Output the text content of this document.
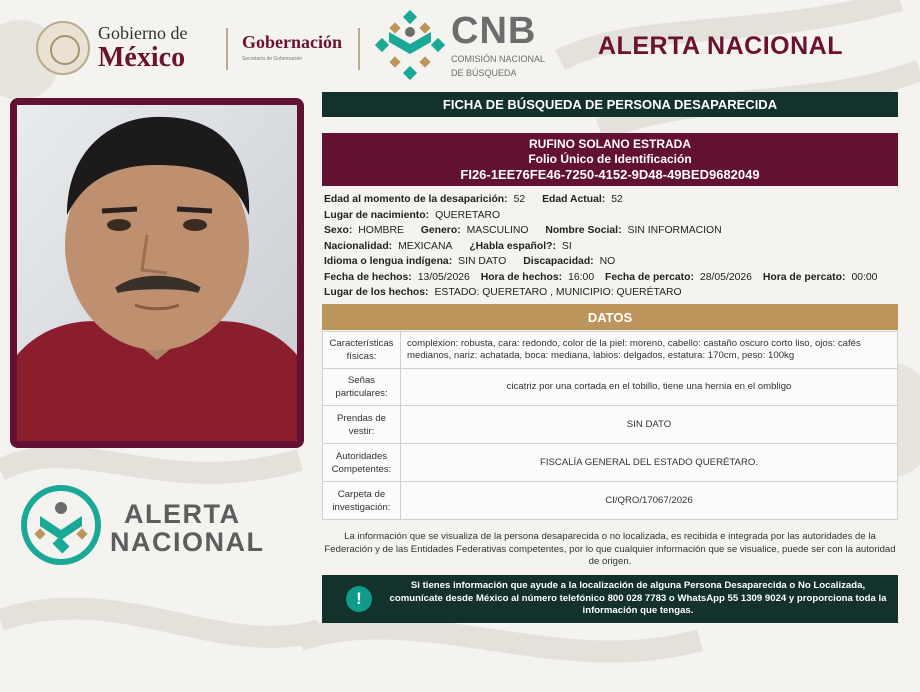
Gobierno de
México	Gobernación
Secretaría de Gobernación
CNB
COMISIÓN NACIONAL
DE BÚSQUEDA
ALERTA NACIONAL
ALERTA
NACIONAL
FICHA DE BÚSQUEDA DE PERSONA DESAPARECIDA
RUFINO SOLANO ESTRADA
Folio Único de Identificación
FI26-1EE76FE46-7250-4152-9D48-49BED9682049
Edad al momento de la desaparición: 52 Edad Actual: 52
Lugar de nacimiento: QUERETARO
Sexo: HOMBRE Genero: MASCULINO Nombre Social: SIN INFORMACION
Nacionalidad: MEXICANA ¿Habla español?: SI
Idioma o lengua indígena: SIN DATO Discapacidad: NO
Fecha de hechos: 13/05/2026 Hora de hechos: 16:00 Fecha de percato: 28/05/2026 Hora de percato: 00:00
Lugar de los hechos: ESTADO: QUERETARO , MUNICIPIO: QUERÉTARO
DATOS
Características físicas:	complexion: robusta, cara: redondo, color de la piel: moreno, cabello: castaño oscuro corto liso, ojos: cafés medianos, nariz: achatada, boca: mediana, labios: delgados, estatura: 170cm, peso: 100kg
Señas particulares:	cicatriz por una cortada en el tobillo, tiene una hernia en el ombligo
Prendas de vestir:	SIN DATO
Autoridades Competentes:	FISCALÍA GENERAL DEL ESTADO QUERÉTARO.
Carpeta de investigación:	CI/QRO/17067/2026
La información que se visualiza de la persona desaparecida o no localizada, es recibida e integrada por las autoridades de la Federación y de las Entidades Federativas competentes, por lo que cualquier información que se visualice, puede ser con la autoridad de origen.
!
Si tienes información que ayude a la localización de alguna Persona Desaparecida o No Localizada, comunícate desde México al número telefónico 800 028 7783 o WhatsApp 55 1309 9024 y proporciona toda la información que tengas.
